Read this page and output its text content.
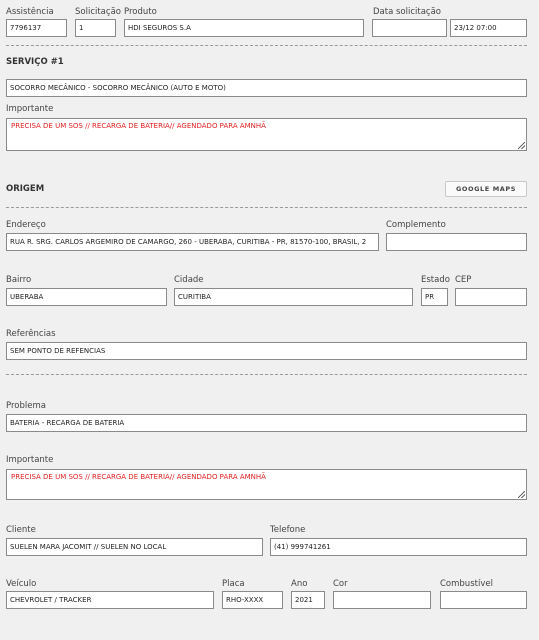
Assistência
7796137
Solicitação
1
Produto
HDI SEGUROS S.A
Data solicitação
23/12 07:00
SERVIÇO #1
SOCORRO MECÂNICO - SOCORRO MECÂNICO (AUTO E MOTO)
Importante
PRECISA DE UM SOS // RECARGA DE BATERIA// AGENDADO PARA AMNHÃ
ORIGEM	GOOGLE MAPS
Endereço
RUA R. SRG. CARLOS ARGEMIRO DE CAMARGO, 260 - UBERABA, CURITIBA - PR, 81570-100, BRASIL, 2
Complemento
Bairro
UBERABA
Cidade
CURITIBA
Estado
PR
CEP
Referências
SEM PONTO DE REFENCIAS
Problema
BATERIA - RECARGA DE BATERIA
Importante
PRECISA DE UM SOS // RECARGA DE BATERIA// AGENDADO PARA AMNHÃ
Cliente
SUELEN MARA JACOMIT // SUELEN NO LOCAL
Telefone
(41) 999741261
Veículo
CHEVROLET / TRACKER
Placa
RHO-XXXX
Ano
2021
Cor	Combustível
